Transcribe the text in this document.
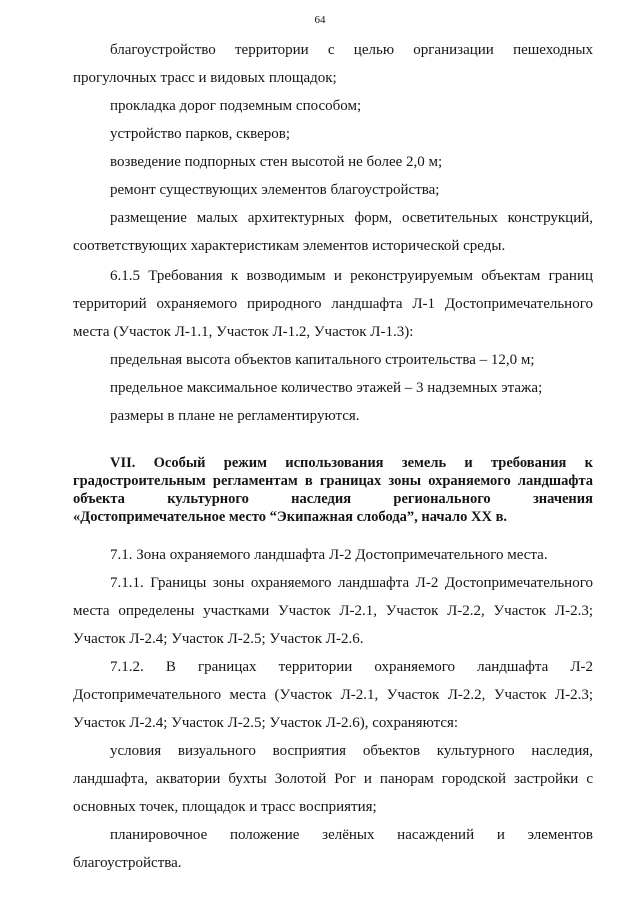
64

благоустройство территории с целью организации пешеходных прогулочных трасс и видовых площадок;

прокладка дорог подземным способом;

устройство парков, скверов;

возведение подпорных стен высотой не более 2,0 м;

ремонт существующих элементов благоустройства;

размещение малых архитектурных форм, осветительных конструкций, соответствующих характеристикам элементов исторической среды.

6.1.5 Требования к возводимым и реконструируемым объектам границ территорий охраняемого природного ландшафта Л-1 Достопримечательного места (Участок Л-1.1, Участок Л-1.2, Участок Л-1.3):

предельная высота объектов капитального строительства – 12,0 м;

предельное максимальное количество этажей – 3 надземных этажа;

размеры в плане не регламентируются.

VII. Особый режим использования земель и требования к градостроительным регламентам в границах зоны охраняемого ландшафта объекта культурного наследия регионального значения «Достопримечательное место “Экипажная слобода”, начало XX в.

7.1. Зона охраняемого ландшафта Л-2 Достопримечательного места.

7.1.1. Границы зоны охраняемого ландшафта Л-2 Достопримечательного места определены участками Участок Л-2.1, Участок Л-2.2, Участок Л-2.3; Участок Л-2.4; Участок Л-2.5; Участок Л-2.6.

7.1.2. В границах территории охраняемого ландшафта Л-2 Достопримечательного места (Участок Л-2.1, Участок Л-2.2, Участок Л-2.3; Участок Л-2.4; Участок Л-2.5; Участок Л-2.6), сохраняются:

условия визуального восприятия объектов культурного наследия, ландшафта, акватории бухты Золотой Рог и панорам городской застройки с основных точек, площадок и трасс восприятия;

планировочное положение зелёных насаждений и элементов благоустройства.
